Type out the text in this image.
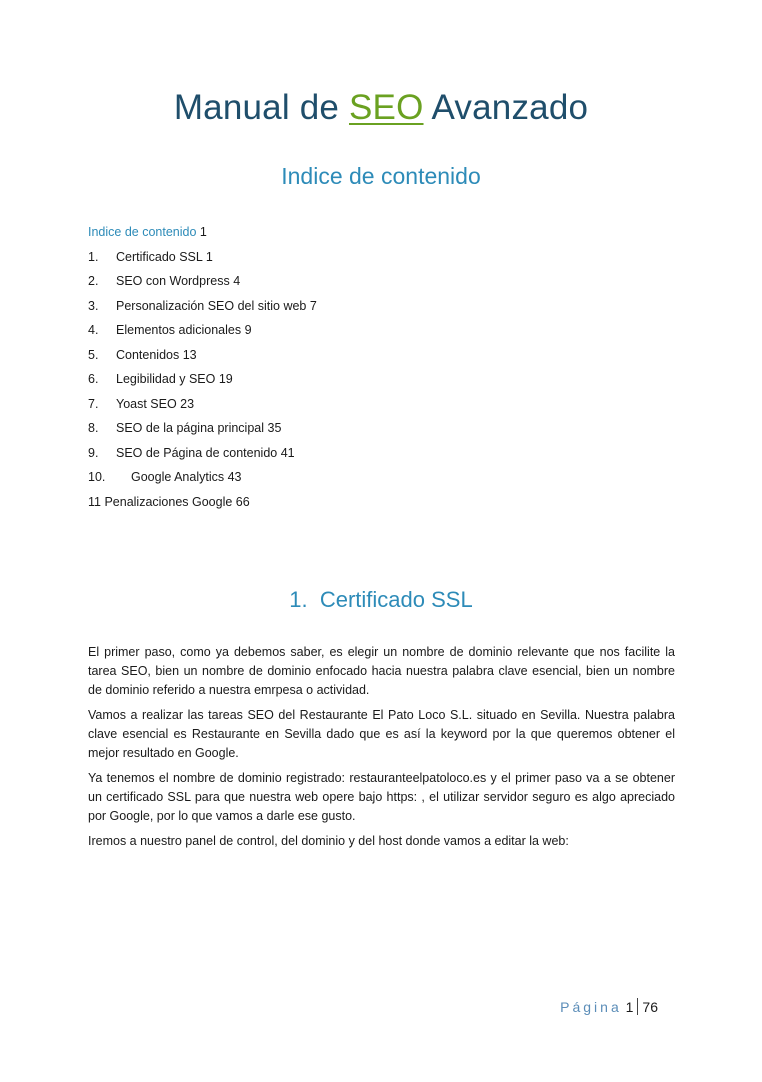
Manual de SEO Avanzado
Indice de contenido
Indice de contenido 1
1. Certificado SSL 1
2. SEO con Wordpress 4
3. Personalización SEO del sitio web 7
4. Elementos adicionales 9
5. Contenidos 13
6. Legibilidad y SEO 19
7. Yoast SEO 23
8. SEO de la página principal 35
9. SEO de Página de contenido 41
10. Google Analytics 43
11 Penalizaciones Google 66
1.  Certificado SSL

El primer paso, como ya debemos saber, es elegir un nombre de dominio relevante que nos facilite la tarea SEO, bien un nombre de dominio enfocado hacia nuestra palabra clave esencial, bien un nombre de dominio referido a nuestra emrpesa o actividad.

Vamos a realizar las tareas SEO del Restaurante El Pato Loco S.L. situado en Sevilla. Nuestra palabra clave esencial es Restaurante en Sevilla dado que es así la keyword por la que queremos obtener el mejor resultado en Google.

Ya tenemos el nombre de dominio registrado: restauranteelpatoloco.es y el primer paso va a se obtener un certificado SSL para que nuestra web opere bajo https: , el utilizar servidor seguro es algo apreciado por Google, por lo que vamos a darle ese gusto.

Iremos a nuestro panel de control, del dominio y del host donde vamos a editar la web:

Página 1 76
